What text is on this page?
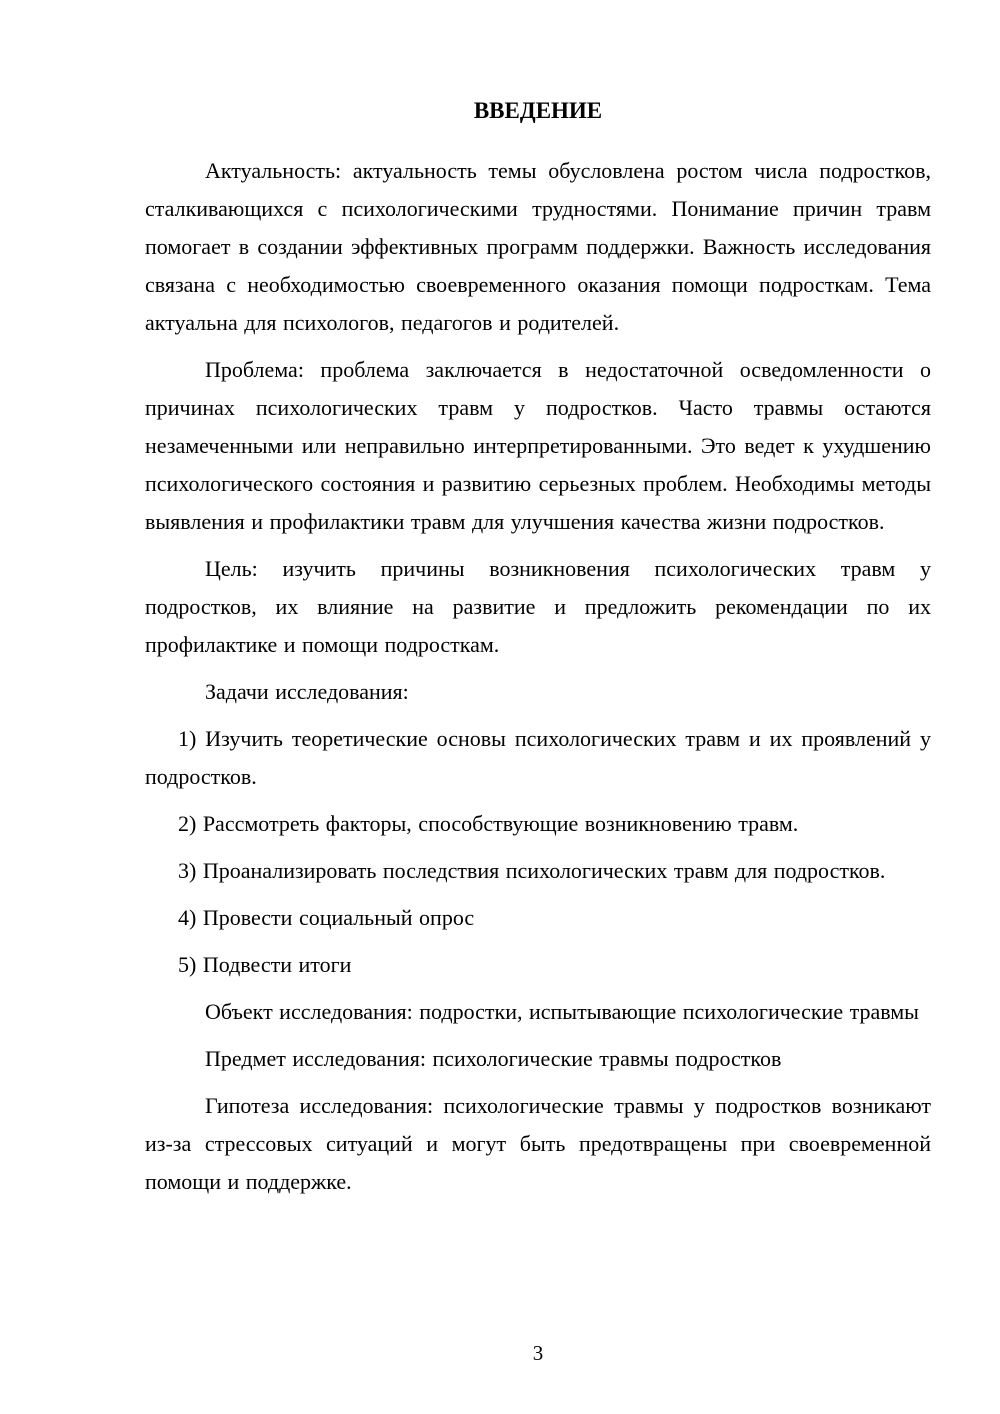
ВВЕДЕНИЕ

Актуальность: актуальность темы обусловлена ростом числа подростков, сталкивающихся с психологическими трудностями. Понимание причин травм помогает в создании эффективных программ поддержки. Важность исследования связана с необходимостью своевременного оказания помощи подросткам. Тема актуальна для психологов, педагогов и родителей.

Проблема: проблема заключается в недостаточной осведомленности о причинах психологических травм у подростков. Часто травмы остаются незамеченными или неправильно интерпретированными. Это ведет к ухудшению психологического состояния и развитию серьезных проблем. Необходимы методы выявления и профилактики травм для улучшения качества жизни подростков.

Цель: изучить причины возникновения психологических травм у подростков, их влияние на развитие и предложить рекомендации по их профилактике и помощи подросткам.

Задачи исследования:

1) Изучить теоретические основы психологических травм и их проявлений у подростков.

2) Рассмотреть факторы, способствующие возникновению травм.

3) Проанализировать последствия психологических травм для подростков.

4) Провести социальный опрос

5) Подвести итоги

Объект исследования: подростки, испытывающие психологические травмы

Предмет исследования: психологические травмы подростков

Гипотеза исследования: психологические травмы у подростков возникают из-за стрессовых ситуаций и могут быть предотвращены при своевременной помощи и поддержке.

3
